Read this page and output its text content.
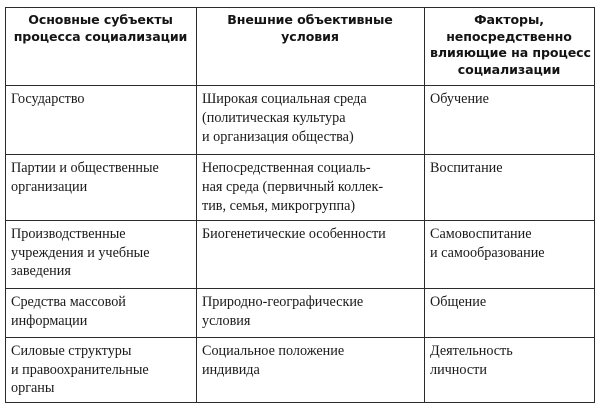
Основные субъекты
процесса социализации	Внешние объективные
условия	Факторы,
непосредственно
влияющие на процесс
социализации

Государство	Широкая социальная среда
(политическая культура
и организация общества)	Обучение

Партии и общественные
организации	Непосредственная социаль-
ная среда (первичный коллек-
тив, семья, микрогруппа)	Воспитание

Производственные
учреждения и учебные
заведения	Биогенетические особенности	Самовоспитание
и самообразование

Средства массовой
информации	Природно-географические
условия	Общение

Силовые структуры
и правоохранительные
органы	Социальное положение
индивида	Деятельность
личности
